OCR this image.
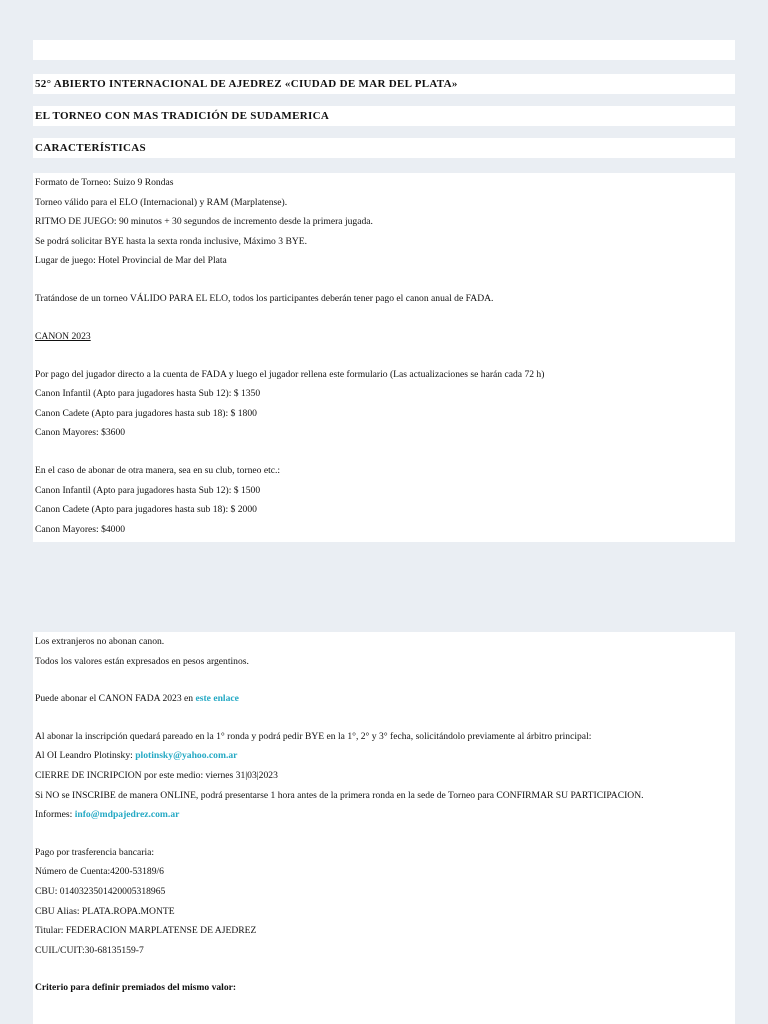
52° ABIERTO INTERNACIONAL DE AJEDREZ «CIUDAD DE MAR DEL PLATA»
EL TORNEO CON MAS TRADICIÓN DE SUDAMERICA
CARACTERÍSTICAS
Formato de Torneo: Suizo 9 Rondas
Torneo válido para el ELO (Internacional) y RAM (Marplatense).
RITMO DE JUEGO: 90 minutos + 30 segundos de incremento desde la primera jugada.
Se podrá solicitar BYE hasta la sexta ronda inclusive, Máximo 3 BYE.
Lugar de juego: Hotel Provincial de Mar del Plata
Tratándose de un torneo VÁLIDO PARA EL ELO, todos los participantes deberán tener pago el canon anual de FADA.
CANON 2023
Por pago del jugador directo a la cuenta de FADA y luego el jugador rellena este formulario (Las actualizaciones se harán cada 72 h)
Canon Infantil (Apto para jugadores hasta Sub 12): $ 1350
Canon Cadete (Apto para jugadores hasta sub 18): $ 1800
Canon Mayores: $3600
En el caso de abonar de otra manera, sea en su club, torneo etc.:
Canon Infantil (Apto para jugadores hasta Sub 12): $ 1500
Canon Cadete (Apto para jugadores hasta sub 18): $ 2000
Canon Mayores: $4000
Los extranjeros no abonan canon.
Todos los valores están expresados en pesos argentinos.
Puede abonar el CANON FADA 2023 en este enlace
Al abonar la inscripción quedará pareado en la 1° ronda y podrá pedir BYE en la 1°, 2° y 3° fecha, solicitándolo previamente al árbitro principal:
Al OI Leandro Plotinsky: plotinsky@yahoo.com.ar
CIERRE DE INCRIPCION por este medio: viernes 31|03|2023
Si NO se INSCRIBE de manera ONLINE, podrá presentarse 1 hora antes de la primera ronda en la sede de Torneo para CONFIRMAR SU PARTICIPACION.
Informes: info@mdpajedrez.com.ar
Pago por trasferencia bancaria:
Número de Cuenta:4200-53189/6
CBU: 0140323501420005318965
CBU Alias: PLATA.ROPA.MONTE
Titular: FEDERACION MARPLATENSE DE AJEDREZ
CUIL/CUIT:30-68135159-7
Criterio para definir premiados del mismo valor:
